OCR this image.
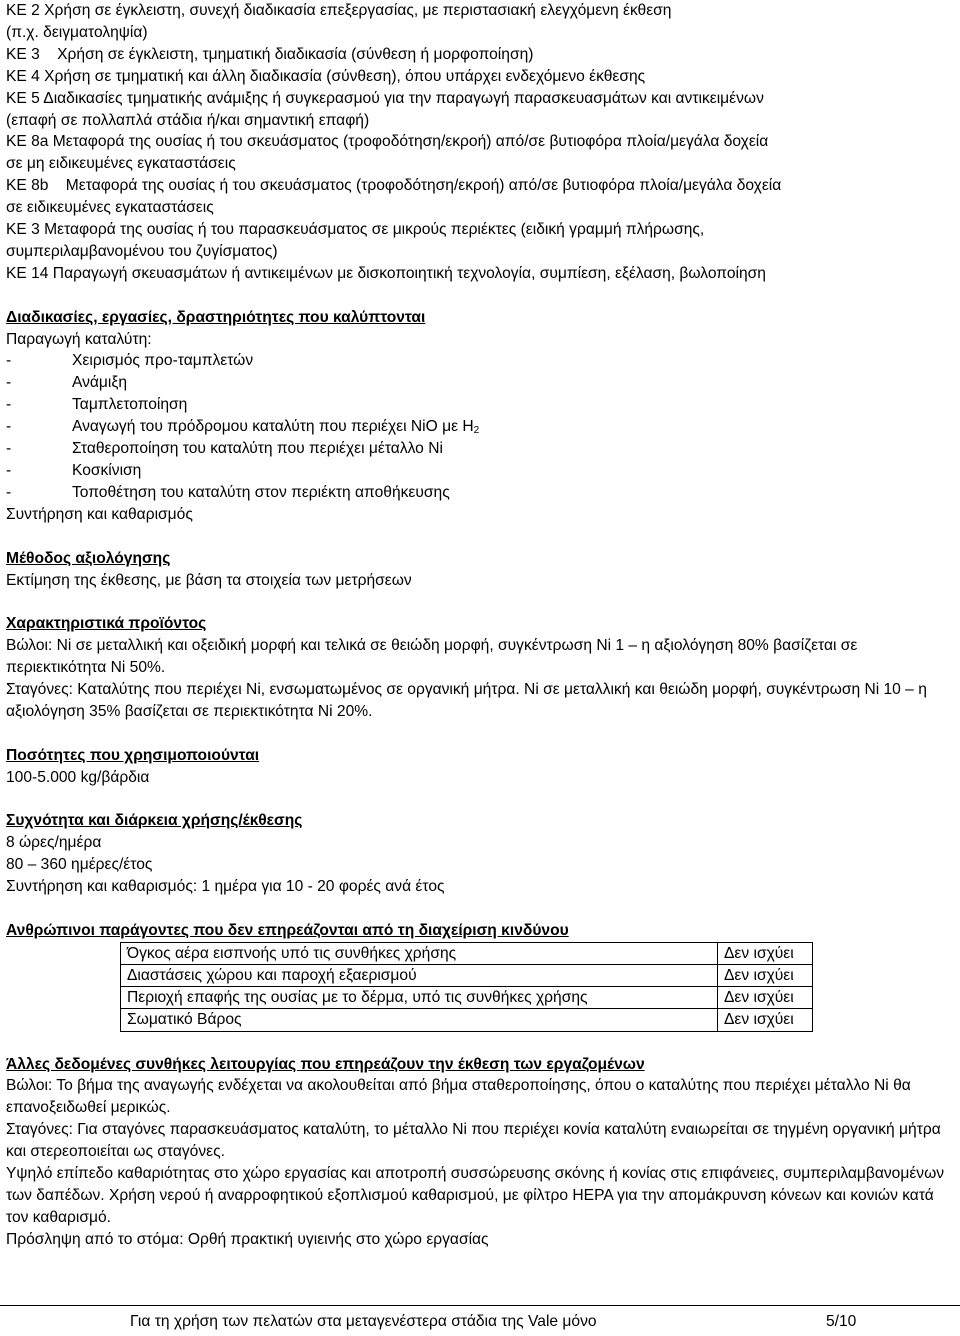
ΚΕ 2 Χρήση σε έγκλειστη, συνεχή διαδικασία επεξεργασίας, με περιστασιακή ελεγχόμενη έκθεση
(π.χ. δειγματοληψία)
ΚΕ 3    Χρήση σε έγκλειστη, τμηματική διαδικασία (σύνθεση ή μορφοποίηση)
ΚΕ 4 Χρήση σε τμηματική και άλλη διαδικασία (σύνθεση), όπου υπάρχει ενδεχόμενο έκθεσης
ΚΕ 5 Διαδικασίες τμηματικής ανάμιξης ή συγκερασμού για την παραγωγή παρασκευασμάτων και αντικειμένων
(επαφή σε πολλαπλά στάδια ή/και σημαντική επαφή)
ΚΕ 8a Μεταφορά της ουσίας ή του σκευάσματος (τροφοδότηση/εκροή) από/σε βυτιοφόρα πλοία/μεγάλα δοχεία
σε μη ειδικευμένες εγκαταστάσεις
ΚΕ 8b    Μεταφορά της ουσίας ή του σκευάσματος (τροφοδότηση/εκροή) από/σε βυτιοφόρα πλοία/μεγάλα δοχεία
σε ειδικευμένες εγκαταστάσεις
ΚΕ 3 Μεταφορά της ουσίας ή του παρασκευάσματος σε μικρούς περιέκτες (ειδική γραμμή πλήρωσης,
συμπεριλαμβανομένου του ζυγίσματος)
ΚΕ 14 Παραγωγή σκευασμάτων ή αντικειμένων με δισκοποιητική τεχνολογία, συμπίεση, εξέλαση, βωλοποίηση
Διαδικασίες, εργασίες, δραστηριότητες που καλύπτονται
Παραγωγή καταλύτη:
-	Χειρισμός προ-ταμπλετών
-	Ανάμιξη
-	Ταμπλετοποίηση
-	Αναγωγή του πρόδρομου καταλύτη που περιέχει NiO με $H_2$
-	Σταθεροποίηση του καταλύτη που περιέχει μέταλλο Ni
-	Κοσκίνιση
-	Τοποθέτηση του καταλύτη στον περιέκτη αποθήκευσης
Συντήρηση και καθαρισμός
Μέθοδος αξιολόγησης
Εκτίμηση της έκθεσης, με βάση τα στοιχεία των μετρήσεων
Χαρακτηριστικά προϊόντος
Βώλοι: Ni σε μεταλλική και οξειδική μορφή και τελικά σε θειώδη μορφή, συγκέντρωση Ni 1 – η αξιολόγηση 80% βασίζεται σε περιεκτικότητα Ni 50%.
Σταγόνες: Καταλύτης που περιέχει Ni, ενσωματωμένος σε οργανική μήτρα. Ni σε μεταλλική και θειώδη μορφή, συγκέντρωση Ni 10 – η αξιολόγηση 35% βασίζεται σε περιεκτικότητα Ni 20%.
Ποσότητες που χρησιμοποιούνται
100-5.000 kg/βάρδια
Συχνότητα και διάρκεια χρήσης/έκθεσης
8 ώρες/ημέρα
80 – 360 ημέρες/έτος
Συντήρηση και καθαρισμός: 1 ημέρα για 10 - 20 φορές ανά έτος
Ανθρώπινοι παράγοντες που δεν επηρεάζονται από τη διαχείριση κινδύνου
Όγκος αέρα εισπνοής υπό τις συνθήκες χρήσης	Δεν ισχύει
Διαστάσεις χώρου και παροχή εξαερισμού	Δεν ισχύει
Περιοχή επαφής της ουσίας με το δέρμα, υπό τις συνθήκες χρήσης	Δεν ισχύει
Σωματικό Βάρος	Δεν ισχύει
Άλλες δεδομένες συνθήκες λειτουργίας που επηρεάζουν την έκθεση των εργαζομένων
Βώλοι: Το βήμα της αναγωγής ενδέχεται να ακολουθείται από βήμα σταθεροποίησης, όπου ο καταλύτης που περιέχει μέταλλο Ni θα επανοξειδωθεί μερικώς.
Σταγόνες: Για σταγόνες παρασκευάσματος καταλύτη, το μέταλλο Ni που περιέχει κονία καταλύτη εναιωρείται σε τηγμένη οργανική μήτρα και στερεοποιείται ως σταγόνες.
Υψηλό επίπεδο καθαριότητας στο χώρο εργασίας και αποτροπή συσσώρευσης σκόνης ή κονίας στις επιφάνειες, συμπεριλαμβανομένων των δαπέδων. Χρήση νερού ή αναρροφητικού εξοπλισμού καθαρισμού, με φίλτρο HEPA για την απομάκρυνση κόνεων και κονιών κατά τον καθαρισμό.
Πρόσληψη από το στόμα: Ορθή πρακτική υγιεινής στο χώρο εργασίας
Για τη χρήση των πελατών στα μεταγενέστερα στάδια της Vale μόνο	5/10
